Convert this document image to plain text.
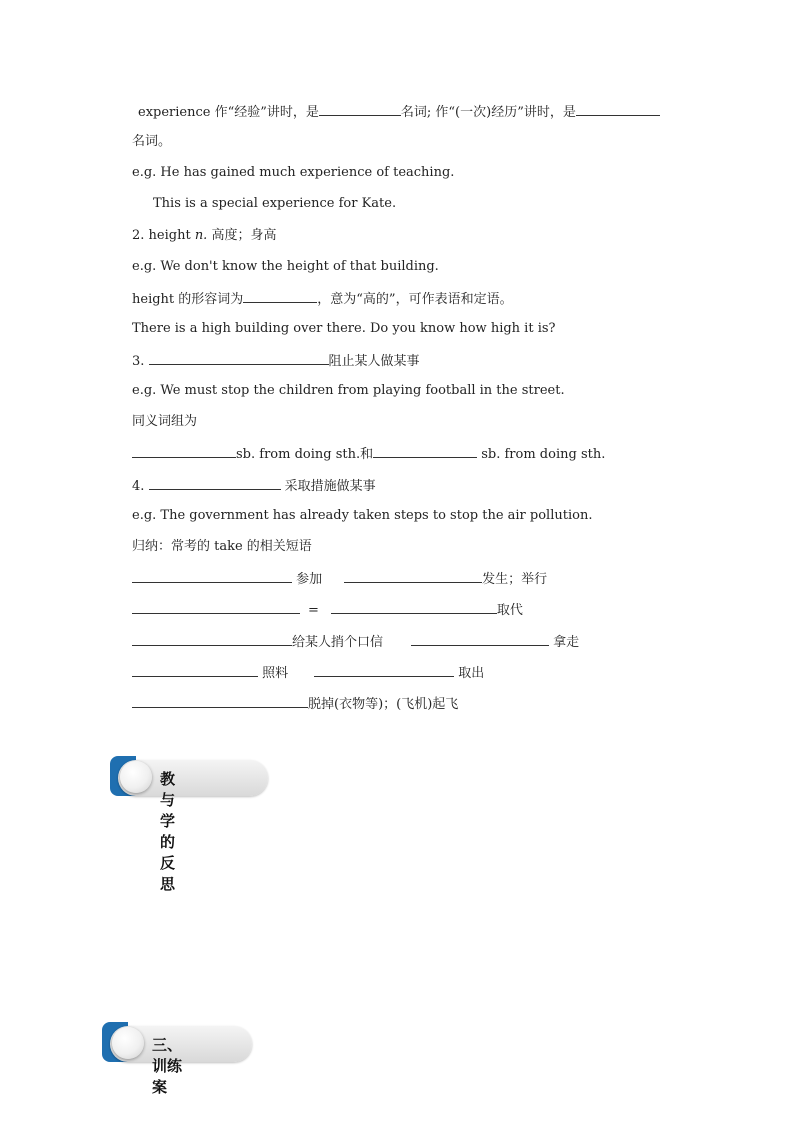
experience 作“经验”讲时，是	名词; 作“(一次)经历”讲时，是
名词。
e.g. He has gained much experience of teaching.
This is a special experience for Kate.
2. height n. 高度；身高
e.g. We don't know the height of that building.
height 的形容词为	，意为“高的”，可作表语和定语。
There is a high building over there. Do you know how high it is?
3.	阻止某人做某事
e.g. We must stop the children from playing football in the street.
同义词组为
sb. from doing sth.和	sb. from doing sth.
4.	采取措施做某事
e.g. The government has already taken steps to stop the air pollution.
归纳：常考的 take 的相关短语
参加	发生；举行
=	取代
给某人捎个口信	拿走
照料	取出
脱掉(衣物等)；(飞机)起飞
教与学的反思
三、训练案
